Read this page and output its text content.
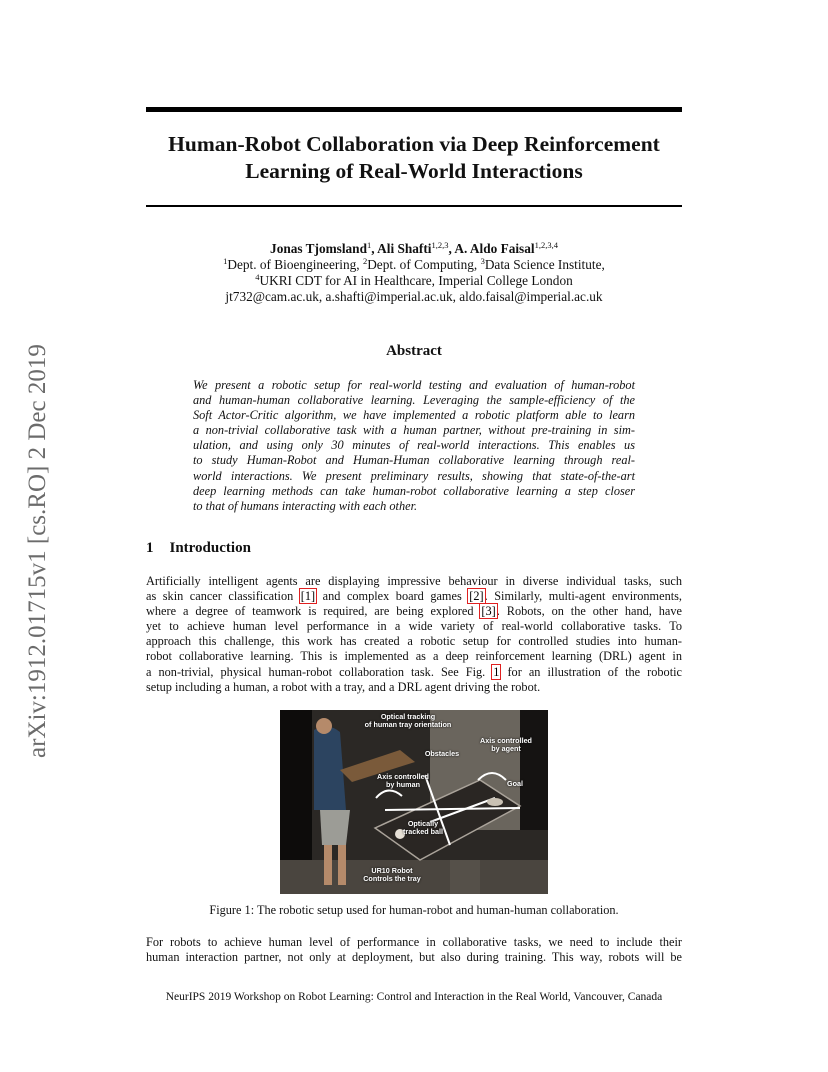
arXiv:1912.01715v1 [cs.RO] 2 Dec 2019
Human-Robot Collaboration via Deep Reinforcement
Learning of Real-World Interactions
Jonas Tjomsland$^1$, Ali Shafti$^{1,2,3}$, A. Aldo Faisal$^{1,2,3,4}$
$^1$Dept. of Bioengineering, $^2$Dept. of Computing, $^3$Data Science Institute,
$^4$UKRI CDT for AI in Healthcare, Imperial College London
jt732@cam.ac.uk, a.shafti@imperial.ac.uk, aldo.faisal@imperial.ac.uk
Abstract
We present a robotic setup for real-world testing and evaluation of human-robot
and human-human collaborative learning. Leveraging the sample-efficiency of the
Soft Actor-Critic algorithm, we have implemented a robotic platform able to learn
a non-trivial collaborative task with a human partner, without pre-training in sim-
ulation, and using only 30 minutes of real-world interactions. This enables us
to study Human-Robot and Human-Human collaborative learning through real-
world interactions. We present preliminary results, showing that state-of-the-art
deep learning methods can take human-robot collaborative learning a step closer
to that of humans interacting with each other.
1 Introduction
Artificially intelligent agents are displaying impressive behaviour in diverse individual tasks, such
as skin cancer classification [1] and complex board games [2]. Similarly, multi-agent environments,
where a degree of teamwork is required, are being explored [3]. Robots, on the other hand, have
yet to achieve human level performance in a wide variety of real-world collaborative tasks. To
approach this challenge, this work has created a robotic setup for controlled studies into human-
robot collaborative learning. This is implemented as a deep reinforcement learning (DRL) agent in
a non-trivial, physical human-robot collaboration task. See Fig. 1 for an illustration of the robotic
setup including a human, a robot with a tray, and a DRL agent driving the robot.
Optical tracking
of human tray orientation
Obstacles
Axis controlled
by agent
Goal
Axis controlled
by human
Optically
tracked ball
UR10 Robot
Controls the tray
Figure 1: The robotic setup used for human-robot and human-human collaboration.
For robots to achieve human level of performance in collaborative tasks, we need to include their
human interaction partner, not only at deployment, but also during training. This way, robots will be
NeurIPS 2019 Workshop on Robot Learning: Control and Interaction in the Real World, Vancouver, Canada
